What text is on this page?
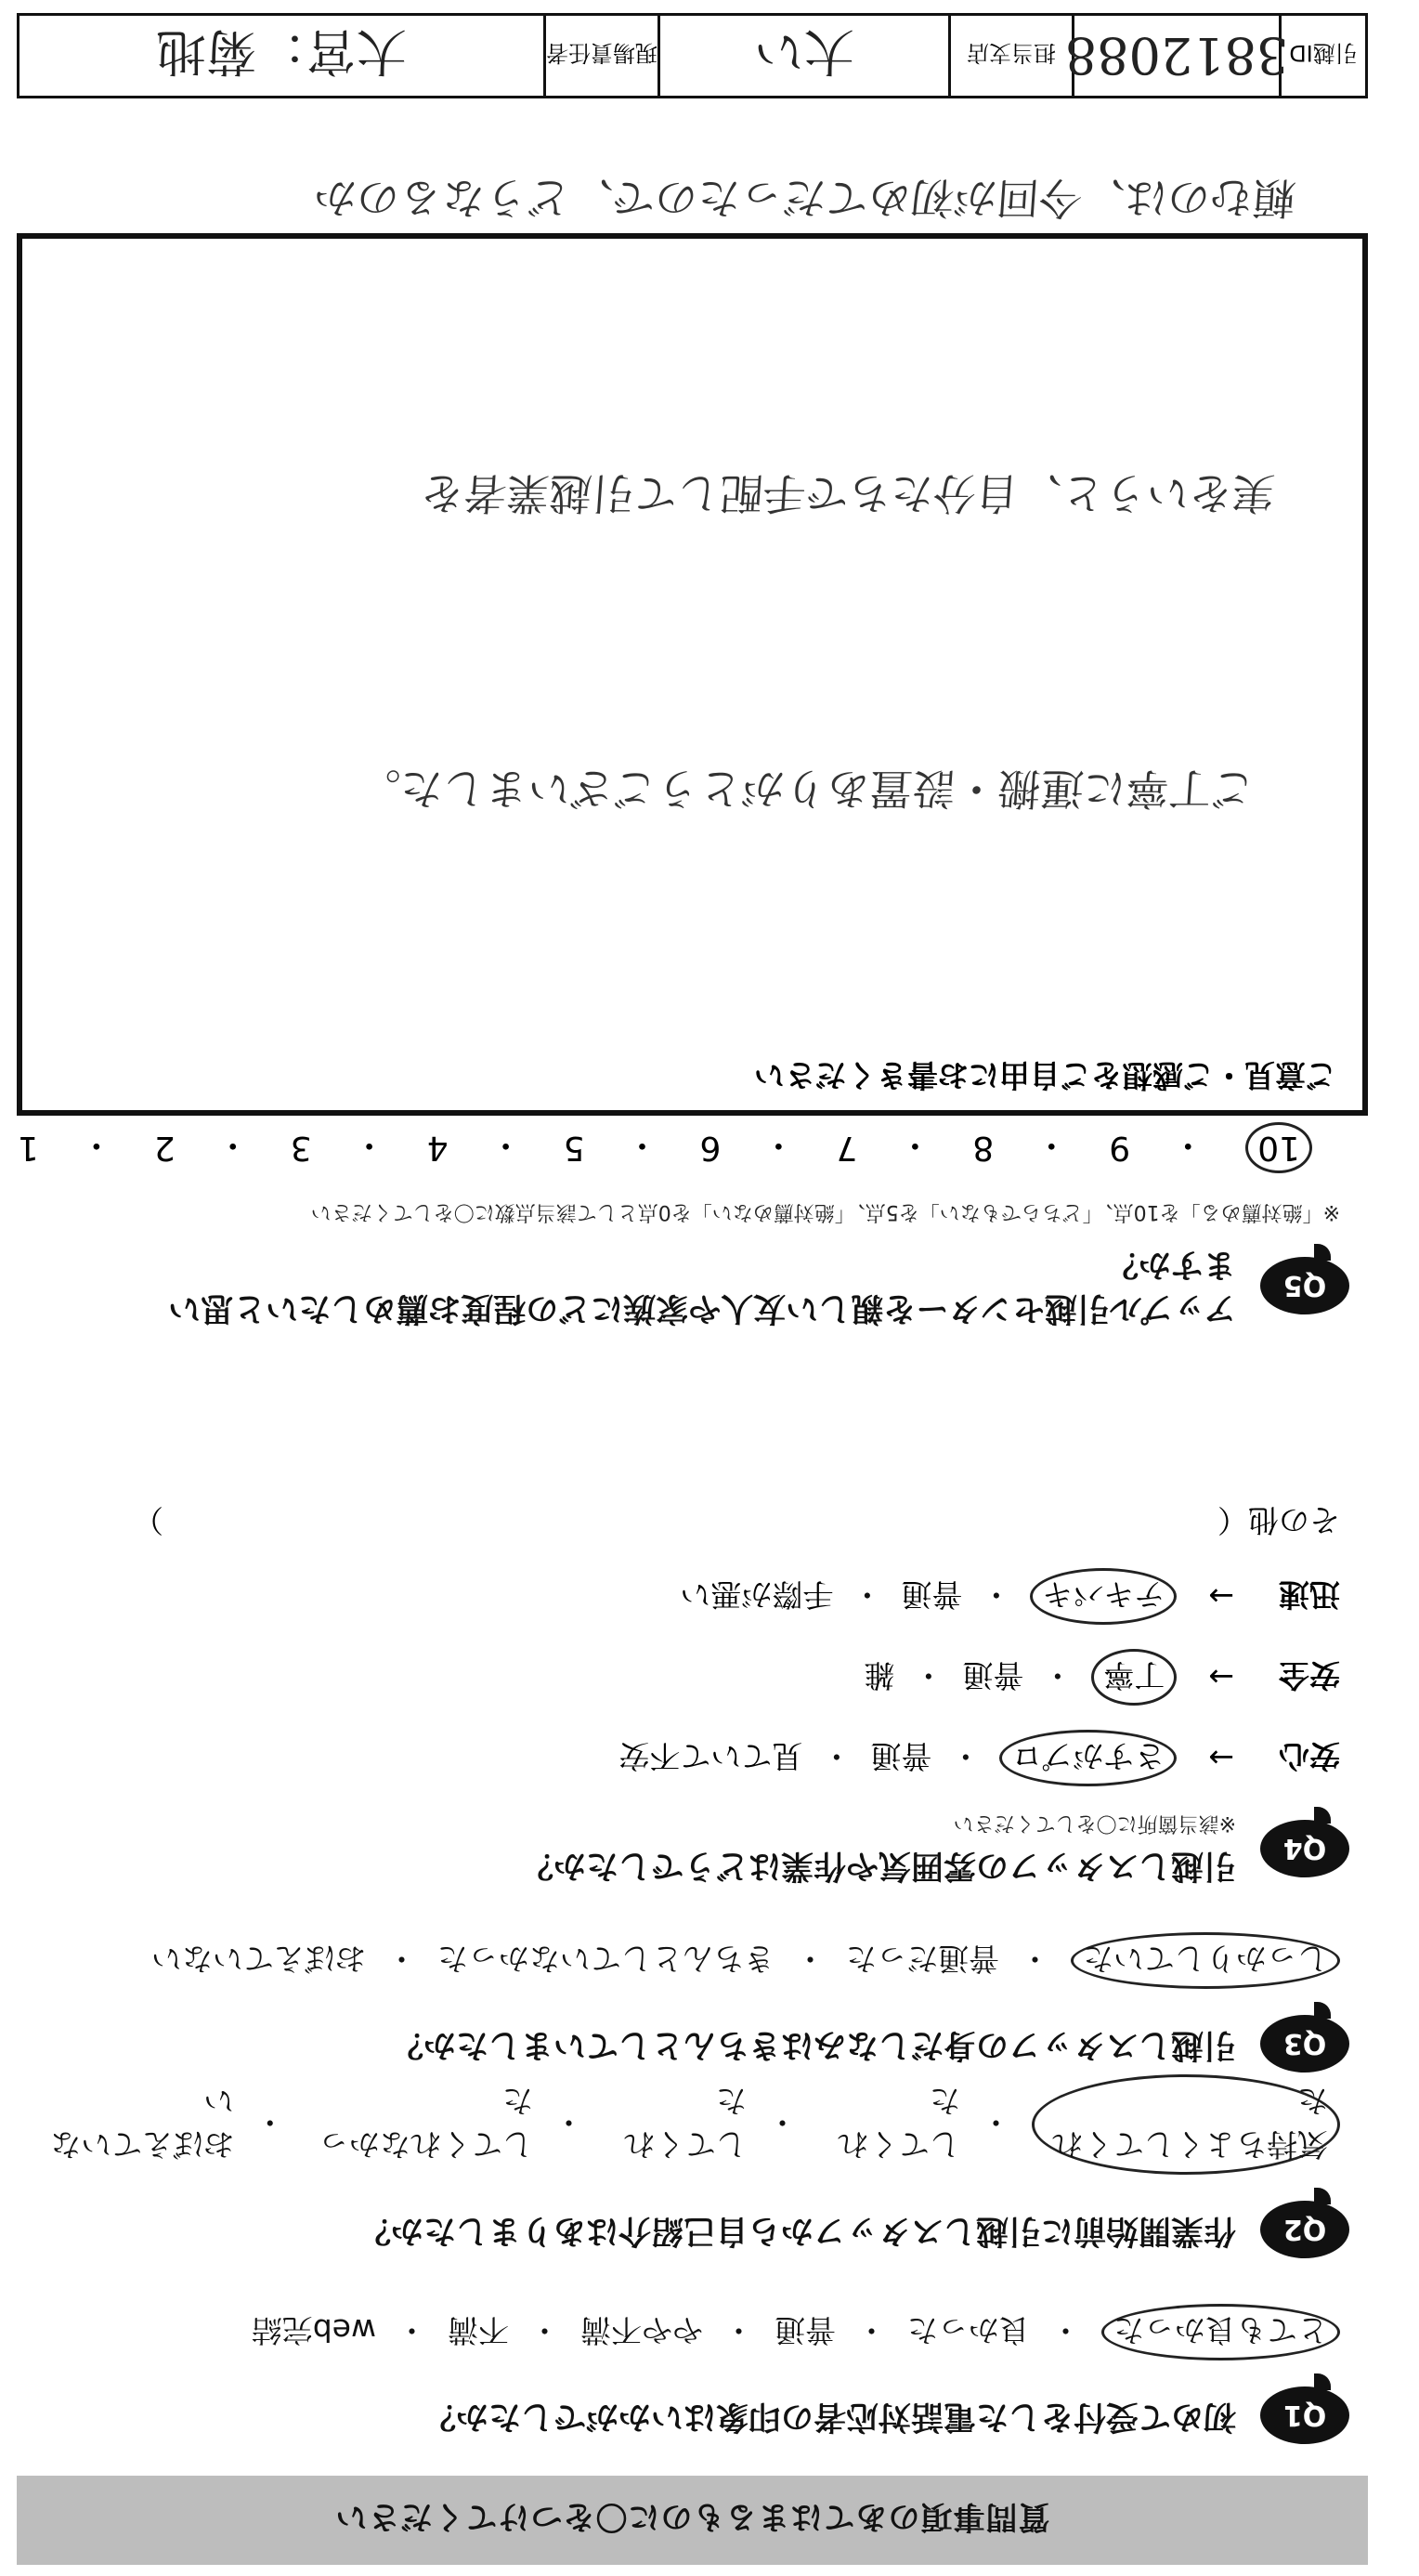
質問事項のあてはまるものに〇をつけてください
Q1
初めて受付をした電話対応者の印象はいかがでしたか？
とても良かった
・
良かった
・
普通
・
やや不満
・
不満
・
web完結
Q2
作業開始前に引越しスタッフから自己紹介はありましたか？
気持ちよくしてくれた
・
してくれた
・
してくれた
・
してくれなかった
・
おぼえていない
Q3
引越しスタッフの身だしなみはきちんとしていましたか？
しっかりしていた
・
普通だった
・
きちんとしていなかった
・
おぼえていない
Q4
引越しスタッフの雰囲気や作業はどうでしたか？
※該当箇所に〇をしてください
安心
→
さすがプロ
・
普通
・
見ていて不安
安全
→
丁寧
・
普通
・
雑
迅速
→
テキパキ
・
普通
・
手際が悪い
その他（
）
Q5
アップル引越センターを親しい友人や家族にどの程度お薦めしたいと思いますか？
※「絶対薦める」を10点、「どちらでもない」を5点、「絶対薦めない」を0点として該当点数に〇をしてください
10
・
9
・
8
・
7
・
6
・
5
・
4
・
3
・
2
・
1
ご意見・ご感想をご自由にお書きください

ご丁寧に運搬・設置ありがとうございました。

実をいうと、自分たちで手配して引越業者を

頼むのは、今回が初めてだったので、どうなるのか

引越ID
3812088
担当支店
大い
現場責任者
大宮：菊地
